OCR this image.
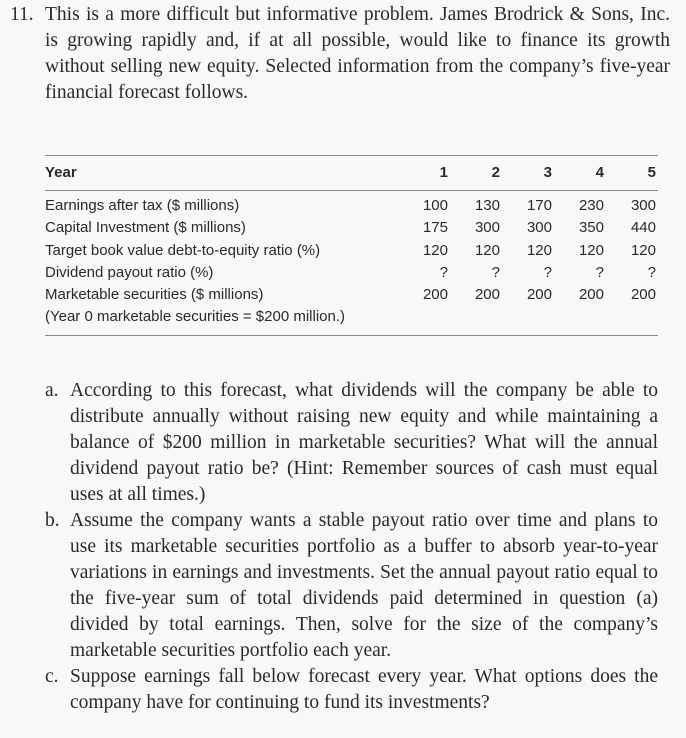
11. This is a more difficult but informative problem. James Brodrick & Sons, Inc. is growing rapidly and, if at all possible, would like to finance its growth without selling new equity. Selected information from the company’s five-year financial forecast follows.
Year	1	2	3	4	5
Earnings after tax ($ millions)	100	130	170	230	300
Capital Investment ($ millions)	175	300	300	350	440
Target book value debt-to-equity ratio (%)	120	120	120	120	120
Dividend payout ratio (%)	?	?	?	?	?
Marketable securities ($ millions)	200	200	200	200	200
(Year 0 marketable securities = $200 million.)
a. According to this forecast, what dividends will the company be able to distribute annually without raising new equity and while maintaining a balance of $200 million in marketable securities? What will the annual dividend payout ratio be? (Hint: Remember sources of cash must equal uses at all times.)
b. Assume the company wants a stable payout ratio over time and plans to use its marketable securities portfolio as a buffer to absorb year-to-year variations in earnings and investments. Set the annual payout ratio equal to the five-year sum of total dividends paid determined in question (a) divided by total earnings. Then, solve for the size of the company’s marketable securities portfolio each year.
c. Suppose earnings fall below forecast every year. What options does the company have for continuing to fund its investments?
